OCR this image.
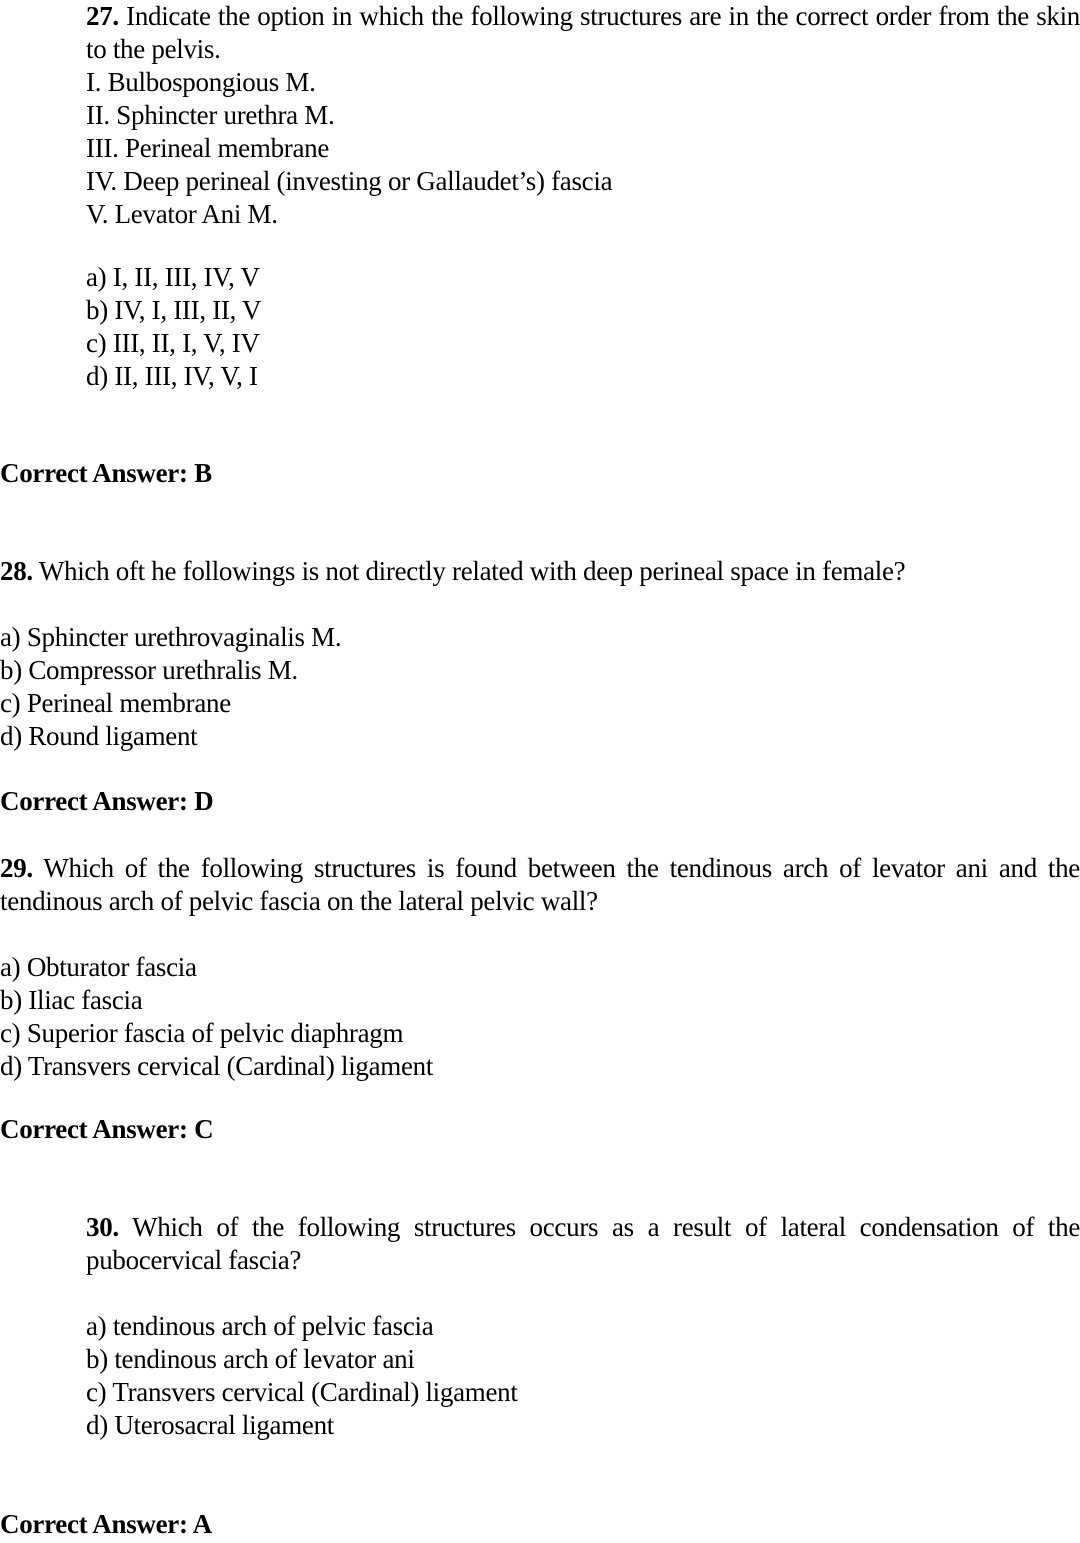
27. Indicate the option in which the following structures are in the correct order from the skin to the pelvis.
I. Bulbospongious M.
II. Sphincter urethra M.
III. Perineal membrane
IV. Deep perineal (investing or Gallaudet’s) fascia
V. Levator Ani M.
a) I, II, III, IV, V
b) IV, I, III, II, V
c) III, II, I, V, IV
d) II, III, IV, V, I
Correct Answer: B
28. Which oft he followings is not directly related with deep perineal space in female?
a) Sphincter urethrovaginalis M.
b) Compressor urethralis M.
c) Perineal membrane
d) Round ligament
Correct Answer: D
29. Which of the following structures is found between the tendinous arch of levator ani and the tendinous arch of pelvic fascia on the lateral pelvic wall?
a) Obturator fascia
b) Iliac fascia
c) Superior fascia of pelvic diaphragm
d) Transvers cervical (Cardinal) ligament
Correct Answer: C
30. Which of the following structures occurs as a result of lateral condensation of the pubocervical fascia?
a) tendinous arch of pelvic fascia
b) tendinous arch of levator ani
c) Transvers cervical (Cardinal) ligament
d) Uterosacral ligament
Correct Answer: A
